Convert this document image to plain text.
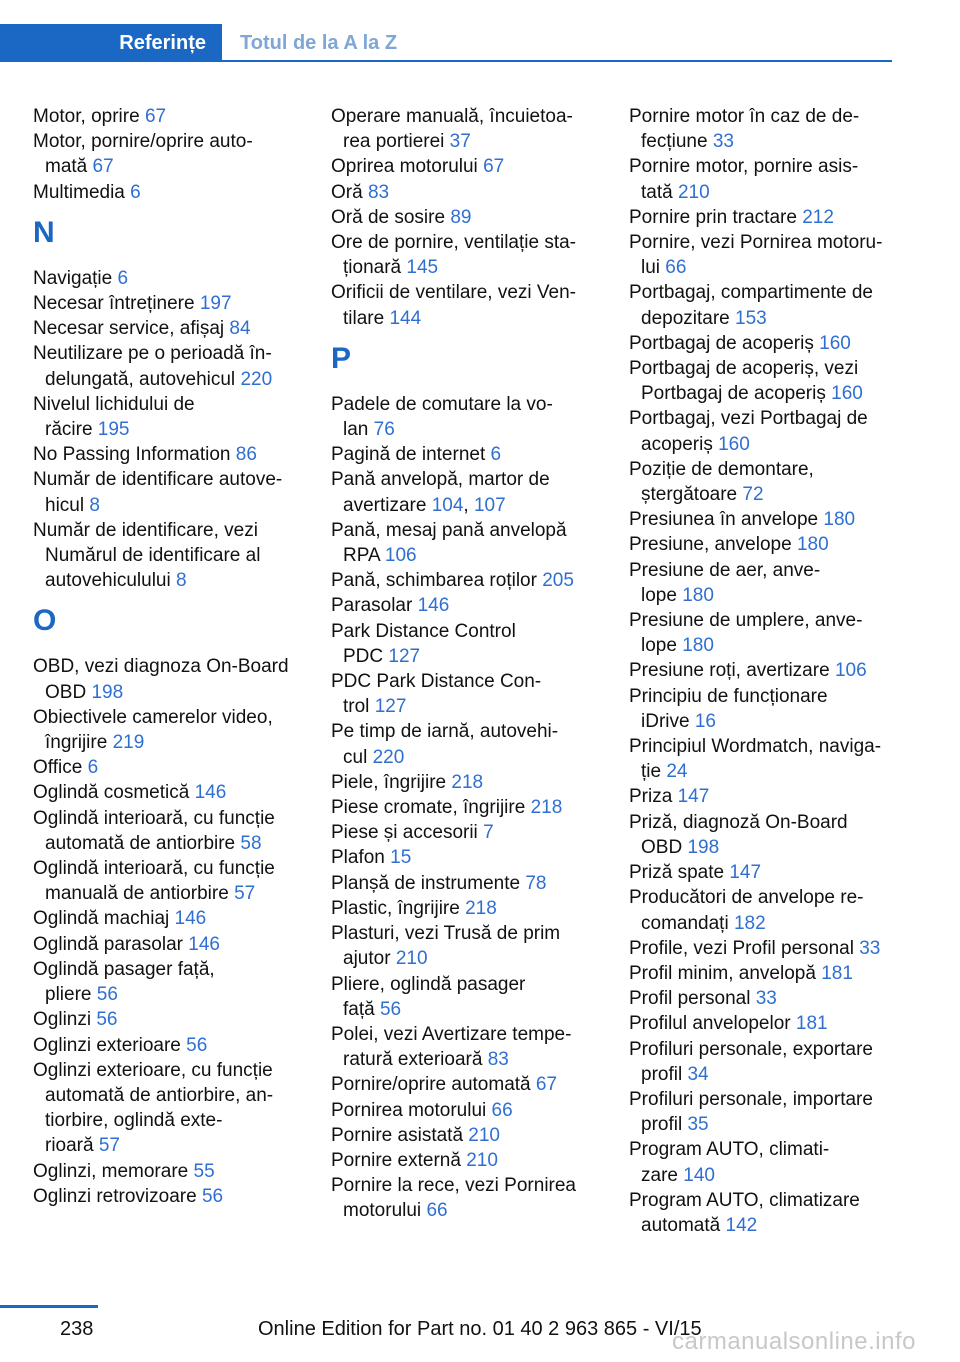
Referințe	Totul de la A la Z
Motor, oprire 67
Motor, pornire/oprire auto‐
mată 67
Multimedia 6
N
Navigație 6
Necesar întreținere 197
Necesar service, afișaj 84
Neutilizare pe o perioadă în‐
delungată, autovehicul 220
Nivelul lichidului de
răcire 195
No Passing Information 86
Număr de identificare autove‐
hicul 8
Număr de identificare, vezi
Numărul de identificare al
autovehiculului 8
O
OBD, vezi diagnoza On-Board
OBD 198
Obiectivele camerelor video,
îngrijire 219
Office 6
Oglindă cosmetică 146
Oglindă interioară, cu funcție
automată de antiorbire 58
Oglindă interioară, cu funcție
manuală de antiorbire 57
Oglindă machiaj 146
Oglindă parasolar 146
Oglindă pasager față,
pliere 56
Oglinzi 56
Oglinzi exterioare 56
Oglinzi exterioare, cu funcție
automată de antiorbire, an‐
tiorbire, oglindă exte‐
rioară 57
Oglinzi, memorare 55
Oglinzi retrovizoare 56
Operare manuală, încuietoa‐
rea portierei 37
Oprirea motorului 67
Oră 83
Oră de sosire 89
Ore de pornire, ventilație sta‐
ționară 145
Orificii de ventilare, vezi Ven‐
tilare 144
P
Padele de comutare la vo‐
lan 76
Pagină de internet 6
Pană anvelopă, martor de
avertizare 104, 107
Pană, mesaj pană anvelopă
RPA 106
Pană, schimbarea roților 205
Parasolar 146
Park Distance Control
PDC 127
PDC Park Distance Con‐
trol 127
Pe timp de iarnă, autovehi‐
cul 220
Piele, îngrijire 218
Piese cromate, îngrijire 218
Piese și accesorii 7
Plafon 15
Planșă de instrumente 78
Plastic, îngrijire 218
Plasturi, vezi Trusă de prim
ajutor 210
Pliere, oglindă pasager
față 56
Polei, vezi Avertizare tempe‐
ratură exterioară 83
Pornire/oprire automată 67
Pornirea motorului 66
Pornire asistată 210
Pornire externă 210
Pornire la rece, vezi Pornirea
motorului 66
Pornire motor în caz de de‐
fecțiune 33
Pornire motor, pornire asis‐
tată 210
Pornire prin tractare 212
Pornire, vezi Pornirea motoru‐
lui 66
Portbagaj, compartimente de
depozitare 153
Portbagaj de acoperiș 160
Portbagaj de acoperiș, vezi
Portbagaj de acoperiș 160
Portbagaj, vezi Portbagaj de
acoperiș 160
Poziție de demontare,
ștergătoare 72
Presiunea în anvelope 180
Presiune, anvelope 180
Presiune de aer, anve‐
lope 180
Presiune de umplere, anve‐
lope 180
Presiune roți, avertizare 106
Principiu de funcționare
iDrive 16
Principiul Wordmatch, naviga‐
ție 24
Priza 147
Priză, diagnoză On-Board
OBD 198
Priză spate 147
Producători de anvelope re‐
comandați 182
Profile, vezi Profil personal 33
Profil minim, anvelopă 181
Profil personal 33
Profilul anvelopelor 181
Profiluri personale, exportare
profil 34
Profiluri personale, importare
profil 35
Program AUTO, climati‐
zare 140
Program AUTO, climatizare
automată 142
238	Online Edition for Part no. 01 40 2 963 865 - VI/15
carmanualsonline.info
